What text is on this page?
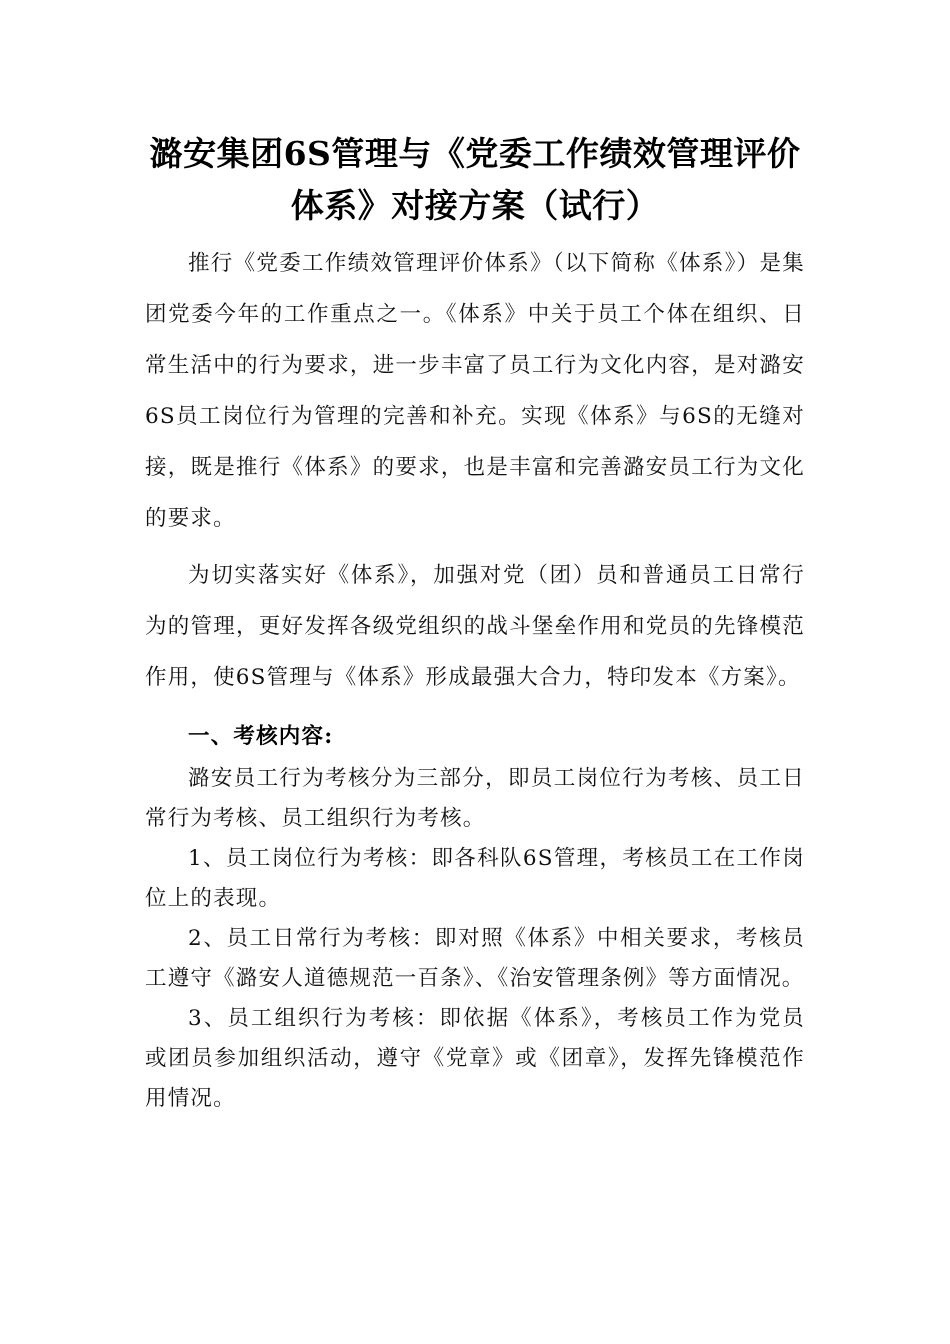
潞安集团6S管理与《党委工作绩效管理评价体系》对接方案（试行）

推行《党委工作绩效管理评价体系》（以下简称《体系》）是集团党委今年的工作重点之一。《体系》中关于员工个体在组织、日常生活中的行为要求，进一步丰富了员工行为文化内容，是对潞安6S员工岗位行为管理的完善和补充。实现《体系》与6S的无缝对接，既是推行《体系》的要求，也是丰富和完善潞安员工行为文化的要求。

为切实落实好《体系》，加强对党（团）员和普通员工日常行为的管理，更好发挥各级党组织的战斗堡垒作用和党员的先锋模范作用，使6S管理与《体系》形成最强大合力，特印发本《方案》。

一、考核内容:

潞安员工行为考核分为三部分，即员工岗位行为考核、员工日常行为考核、员工组织行为考核。

1、员工岗位行为考核：即各科队6S管理，考核员工在工作岗位上的表现。

2、员工日常行为考核：即对照《体系》中相关要求，考核员工遵守《潞安人道德规范一百条》、《治安管理条例》等方面情况。

3、员工组织行为考核：即依据《体系》，考核员工作为党员或团员参加组织活动，遵守《党章》或《团章》，发挥先锋模范作用情况。
